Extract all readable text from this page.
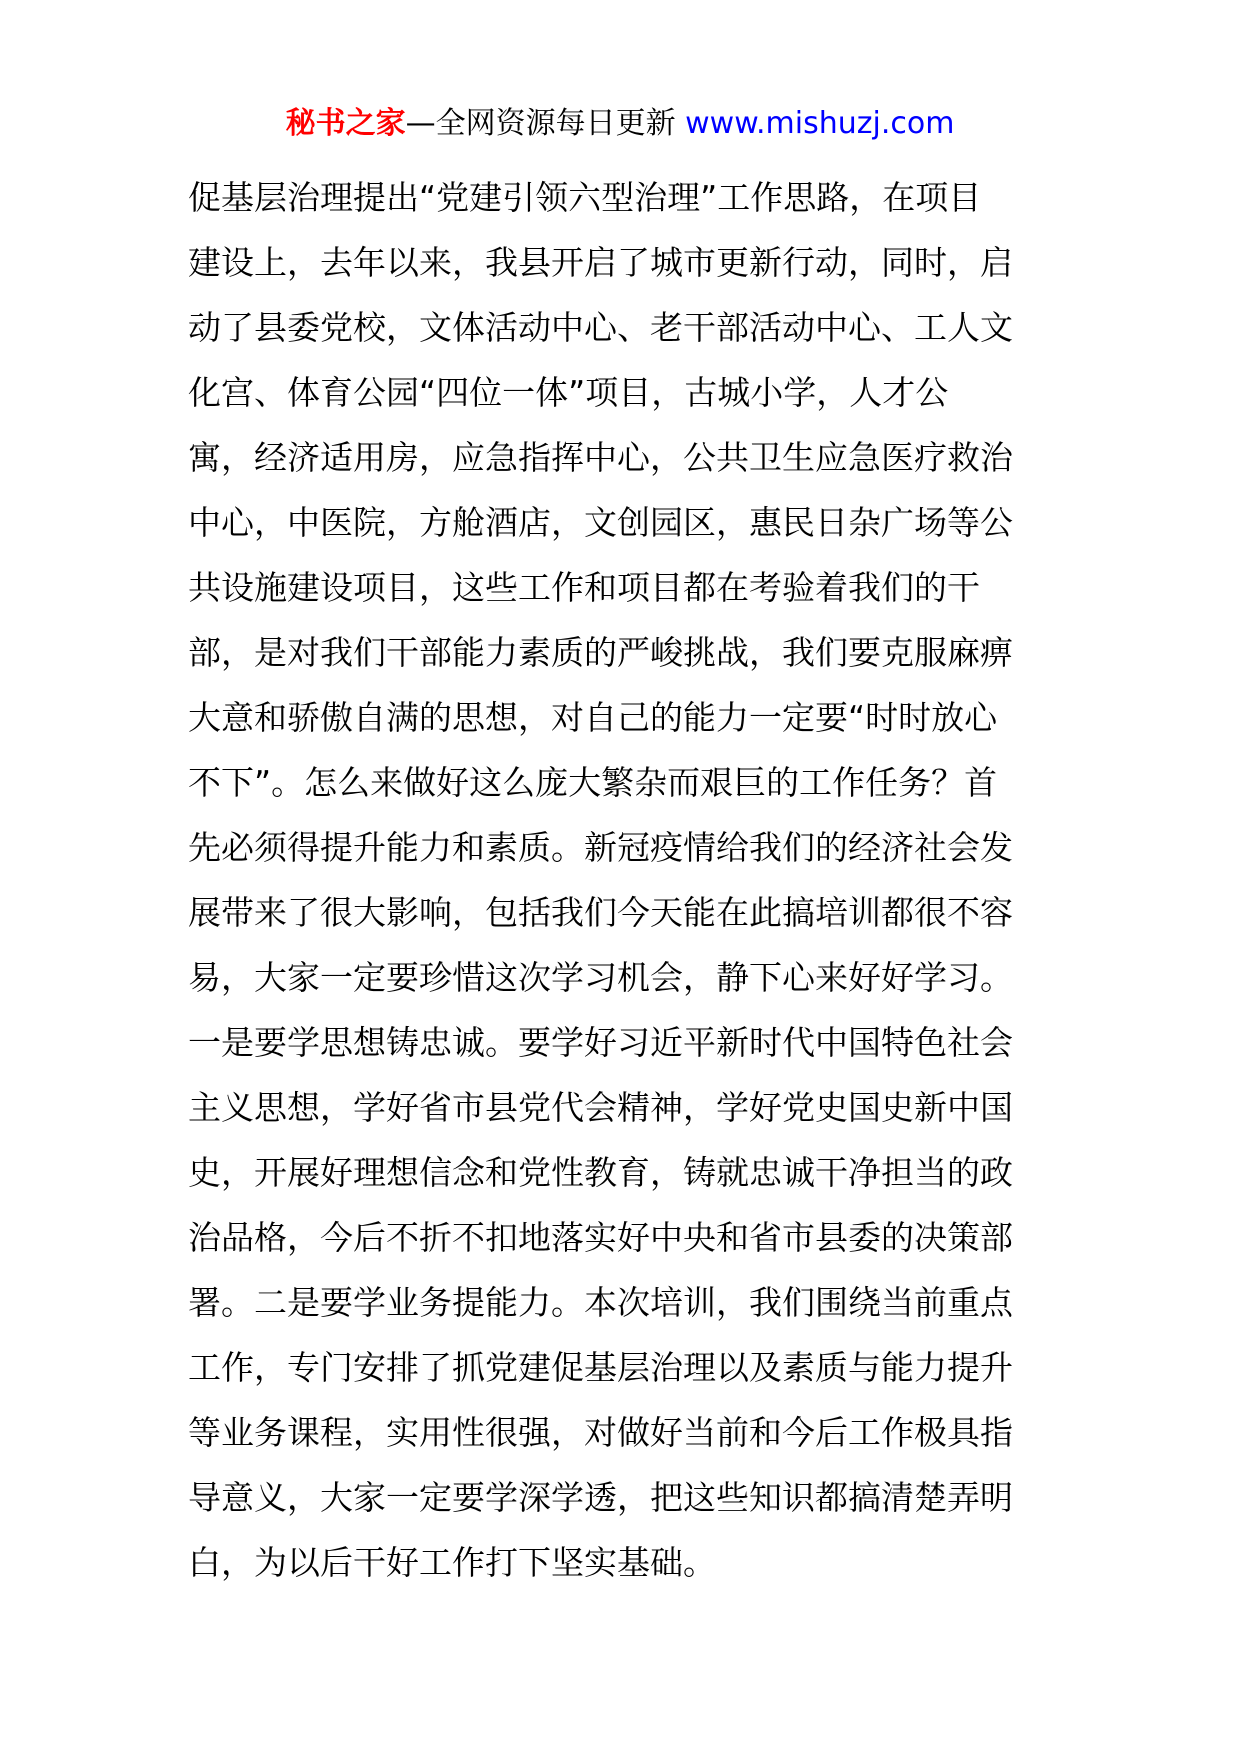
秘书之家—全网资源每日更新 www.mishuzj.com
促基层治理提出“党建引领六型治理”工作思路，在项目
建设上，去年以来，我县开启了城市更新行动，同时，启
动了县委党校，文体活动中心、老干部活动中心、工人文
化宫、体育公园“四位一体”项目，古城小学，人才公
寓，经济适用房，应急指挥中心，公共卫生应急医疗救治
中心，中医院，方舱酒店，文创园区，惠民日杂广场等公
共设施建设项目，这些工作和项目都在考验着我们的干
部，是对我们干部能力素质的严峻挑战，我们要克服麻痹
大意和骄傲自满的思想，对自己的能力一定要“时时放心
不下”。怎么来做好这么庞大繁杂而艰巨的工作任务？首
先必须得提升能力和素质。新冠疫情给我们的经济社会发
展带来了很大影响，包括我们今天能在此搞培训都很不容
易，大家一定要珍惜这次学习机会，静下心来好好学习。
一是要学思想铸忠诚。要学好习近平新时代中国特色社会
主义思想，学好省市县党代会精神，学好党史国史新中国
史，开展好理想信念和党性教育，铸就忠诚干净担当的政
治品格，今后不折不扣地落实好中央和省市县委的决策部
署。二是要学业务提能力。本次培训，我们围绕当前重点
工作，专门安排了抓党建促基层治理以及素质与能力提升
等业务课程，实用性很强，对做好当前和今后工作极具指
导意义，大家一定要学深学透，把这些知识都搞清楚弄明
白，为以后干好工作打下坚实基础。
